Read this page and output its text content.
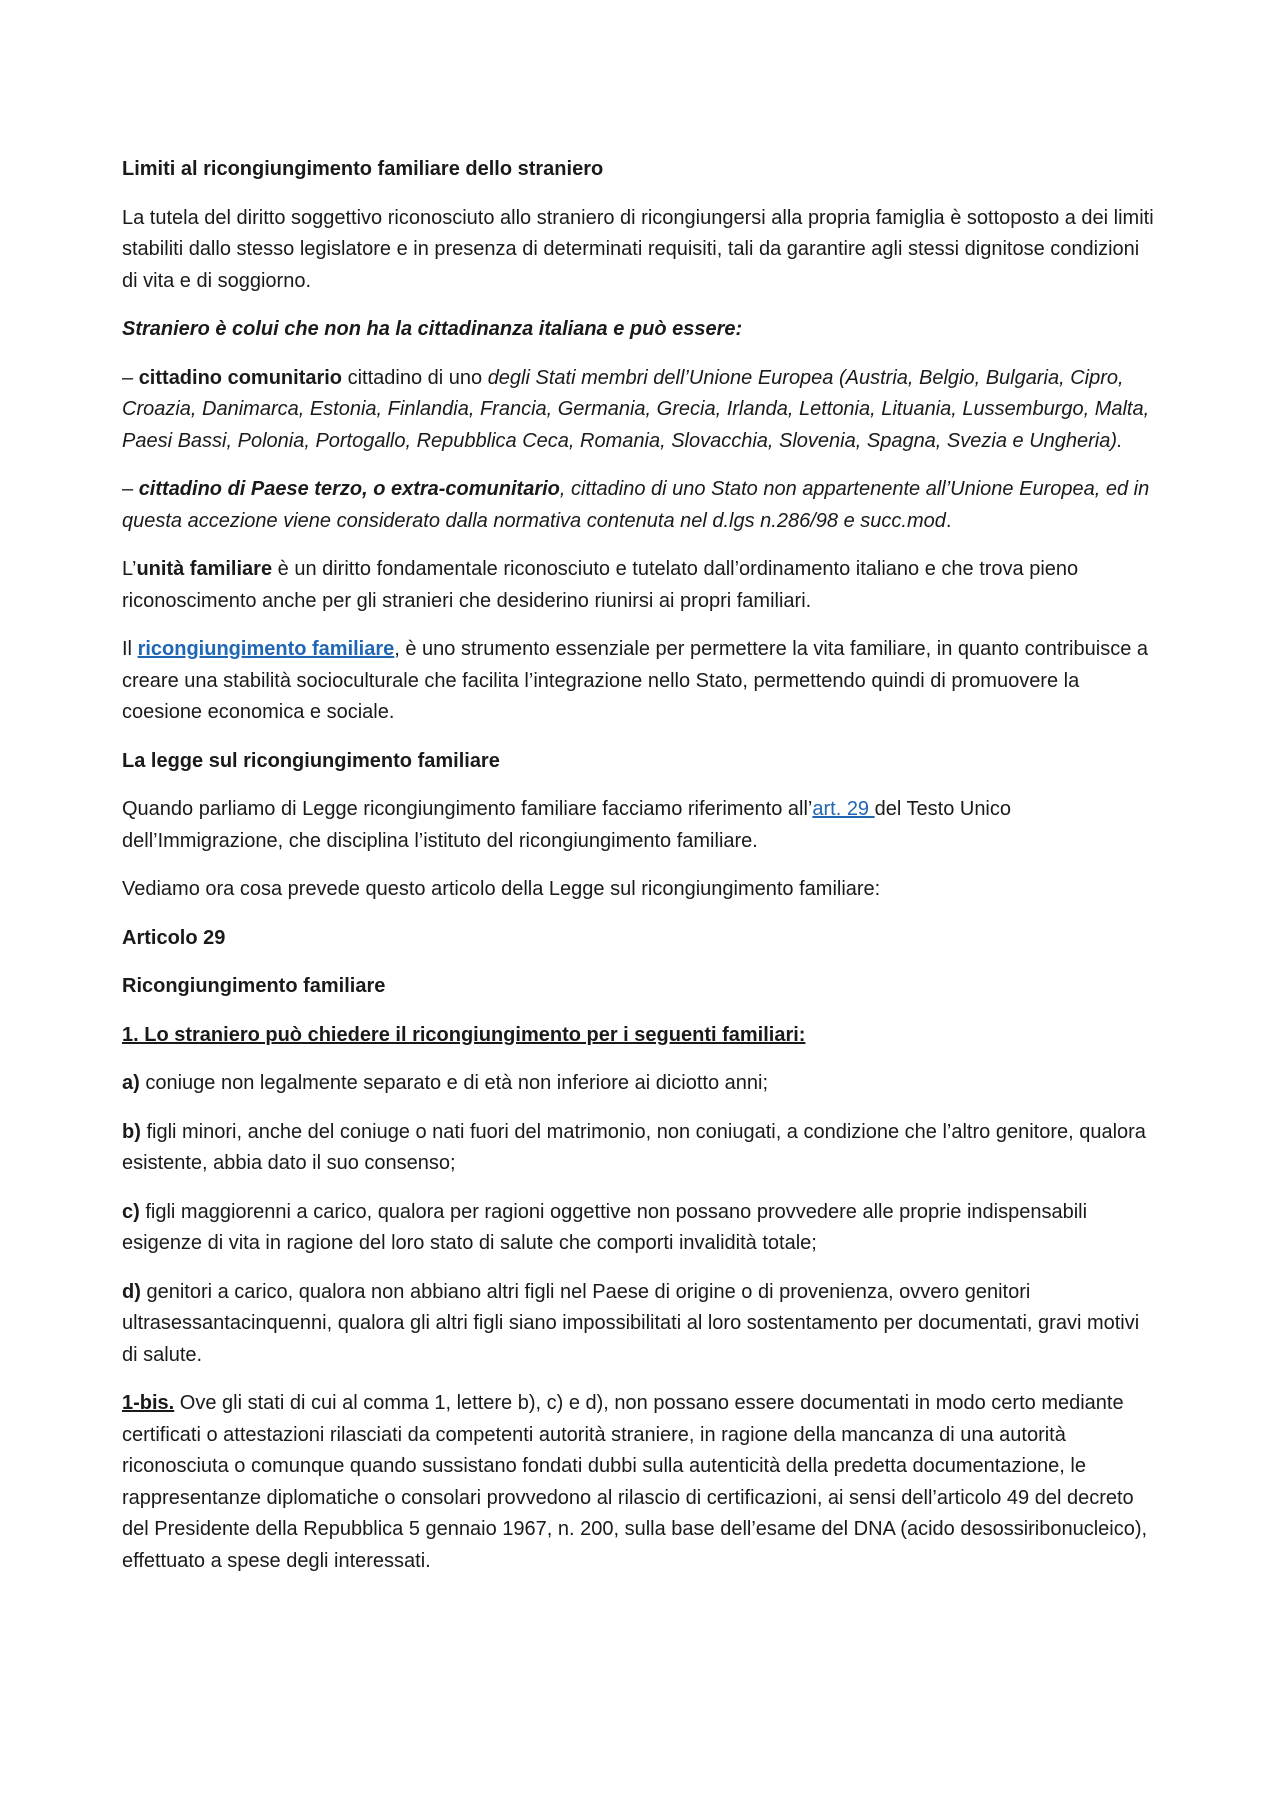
Limiti al ricongiungimento familiare dello straniero

La tutela del diritto soggettivo riconosciuto allo straniero di ricongiungersi alla propria famiglia è sottoposto a dei limiti stabiliti dallo stesso legislatore e in presenza di determinati requisiti, tali da garantire agli stessi dignitose condizioni di vita e di soggiorno.

Straniero è colui che non ha la cittadinanza italiana e può essere:

– cittadino comunitario cittadino di uno degli Stati membri dell’Unione Europea (Austria, Belgio, Bulgaria, Cipro, Croazia, Danimarca, Estonia, Finlandia, Francia, Germania, Grecia, Irlanda, Lettonia, Lituania, Lussemburgo, Malta, Paesi Bassi, Polonia, Portogallo, Repubblica Ceca, Romania, Slovacchia, Slovenia, Spagna, Svezia e Ungheria).

– cittadino di Paese terzo, o extra-comunitario, cittadino di uno Stato non appartenente all’Unione Europea, ed in questa accezione viene considerato dalla normativa contenuta nel d.lgs n.286/98 e succ.mod.

L’unità familiare è un diritto fondamentale riconosciuto e tutelato dall’ordinamento italiano e che trova pieno riconoscimento anche per gli stranieri che desiderino riunirsi ai propri familiari.

Il ricongiungimento familiare, è uno strumento essenziale per permettere la vita familiare, in quanto contribuisce a creare una stabilità socioculturale che facilita l’integrazione nello Stato, permettendo quindi di promuovere la coesione economica e sociale.

La legge sul ricongiungimento familiare

Quando parliamo di Legge ricongiungimento familiare facciamo riferimento all’art. 29 del Testo Unico dell’Immigrazione, che disciplina l’istituto del ricongiungimento familiare.

Vediamo ora cosa prevede questo articolo della Legge sul ricongiungimento familiare:

Articolo 29

Ricongiungimento familiare

1. Lo straniero può chiedere il ricongiungimento per i seguenti familiari:

a) coniuge non legalmente separato e di età non inferiore ai diciotto anni;

b) figli minori, anche del coniuge o nati fuori del matrimonio, non coniugati, a condizione che l’altro genitore, qualora esistente, abbia dato il suo consenso;

c) figli maggiorenni a carico, qualora per ragioni oggettive non possano provvedere alle proprie indispensabili esigenze di vita in ragione del loro stato di salute che comporti invalidità totale;

d) genitori a carico, qualora non abbiano altri figli nel Paese di origine o di provenienza, ovvero genitori ultrasessantacinquenni, qualora gli altri figli siano impossibilitati al loro sostentamento per documentati, gravi motivi di salute.

1-bis. Ove gli stati di cui al comma 1, lettere b), c) e d), non possano essere documentati in modo certo mediante certificati o attestazioni rilasciati da competenti autorità straniere, in ragione della mancanza di una autorità riconosciuta o comunque quando sussistano fondati dubbi sulla autenticità della predetta documentazione, le rappresentanze diplomatiche o consolari provvedono al rilascio di certificazioni, ai sensi dell’articolo 49 del decreto del Presidente della Repubblica 5 gennaio 1967, n. 200, sulla base dell’esame del DNA (acido desossiribonucleico), effettuato a spese degli interessati.
